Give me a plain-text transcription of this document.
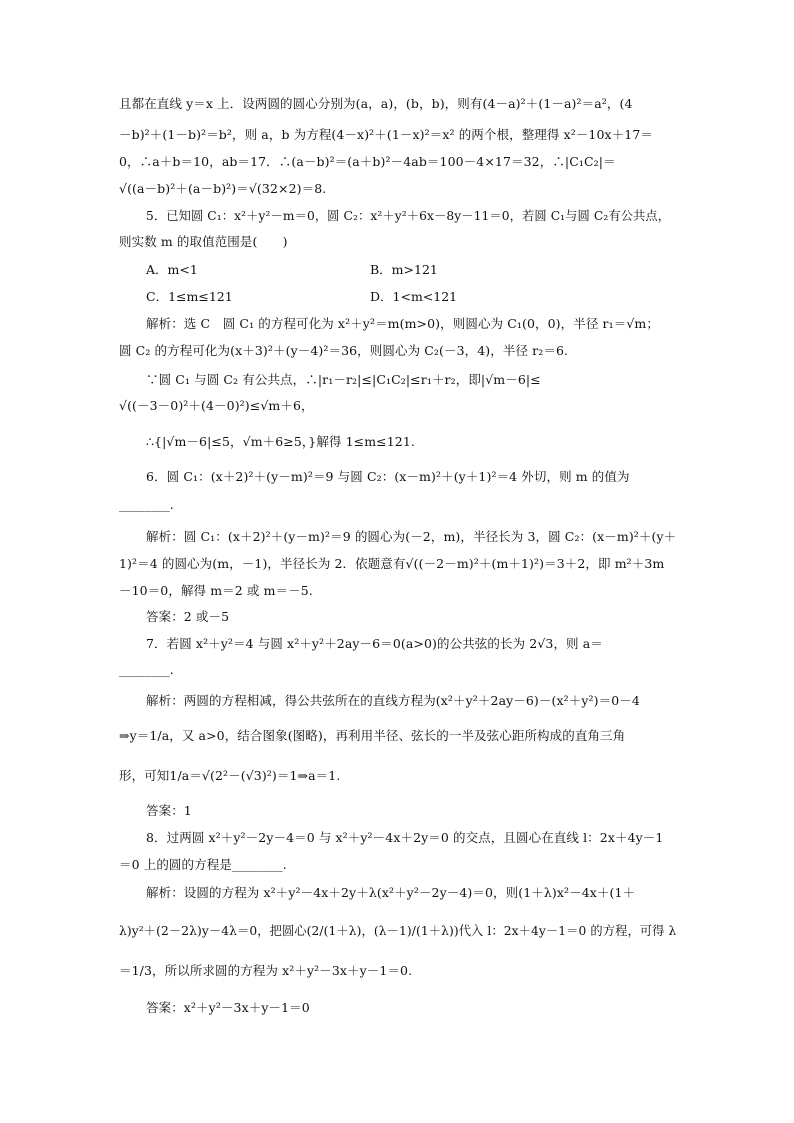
且都在直线 y＝x 上．设两圆的圆心分别为(a，a)，(b，b)，则有(4－a)²＋(1－a)²＝a²，(4
－b)²＋(1－b)²＝b²，则 a，b 为方程(4－x)²＋(1－x)²＝x² 的两个根，整理得 x²－10x＋17＝
0，∴a＋b＝10，ab＝17．∴(a－b)²＝(a＋b)²－4ab＝100－4×17＝32，∴|C₁C₂|＝
√((a－b)²＋(a－b)²)＝√(32×2)＝8.
5．已知圆 C₁：x²＋y²－m＝0，圆 C₂：x²＋y²＋6x－8y－11＝0，若圆 C₁与圆 C₂有公共点，
则实数 m 的取值范围是(　　)
A．m<1	B．m>121
C．1≤m≤121	D．1<m<121
解析：选 C　圆 C₁ 的方程可化为 x²＋y²＝m(m>0)，则圆心为 C₁(0，0)，半径 r₁＝√m；
圆 C₂ 的方程可化为(x＋3)²＋(y－4)²＝36，则圆心为 C₂(－3，4)，半径 r₂＝6.
∵圆 C₁ 与圆 C₂ 有公共点，∴|r₁－r₂|≤|C₁C₂|≤r₁＋r₂，即|√m－6|≤
√((－3－0)²＋(4－0)²)≤√m＋6，
∴{|√m－6|≤5，√m＋6≥5，}解得 1≤m≤121.
6．圆 C₁：(x＋2)²＋(y－m)²＝9 与圆 C₂：(x－m)²＋(y＋1)²＝4 外切，则 m 的值为
________.
解析：圆 C₁：(x＋2)²＋(y－m)²＝9 的圆心为(－2，m)，半径长为 3，圆 C₂：(x－m)²＋(y＋
1)²＝4 的圆心为(m，－1)，半径长为 2．依题意有√((－2－m)²＋(m＋1)²)＝3＋2，即 m²＋3m
－10＝0，解得 m＝2 或 m＝－5.
答案：2 或－5
7．若圆 x²＋y²＝4 与圆 x²＋y²＋2ay－6＝0(a>0)的公共弦的长为 2√3，则 a＝
________.
解析：两圆的方程相减，得公共弦所在的直线方程为(x²＋y²＋2ay－6)－(x²＋y²)＝0－4
⇒y＝1/a，又 a>0，结合图象(图略)，再利用半径、弦长的一半及弦心距所构成的直角三角
形，可知1/a＝√(2²－(√3)²)＝1⇒a＝1.
答案：1
8．过两圆 x²＋y²－2y－4＝0 与 x²＋y²－4x＋2y＝0 的交点，且圆心在直线 l：2x＋4y－1
＝0 上的圆的方程是________.
解析：设圆的方程为 x²＋y²－4x＋2y＋λ(x²＋y²－2y－4)＝0，则(1＋λ)x²－4x＋(1＋
λ)y²＋(2－2λ)y－4λ＝0，把圆心(2/(1＋λ)，(λ－1)/(1＋λ))代入 l：2x＋4y－1＝0 的方程，可得 λ
＝1/3，所以所求圆的方程为 x²＋y²－3x＋y－1＝0.
答案：x²＋y²－3x＋y－1＝0
